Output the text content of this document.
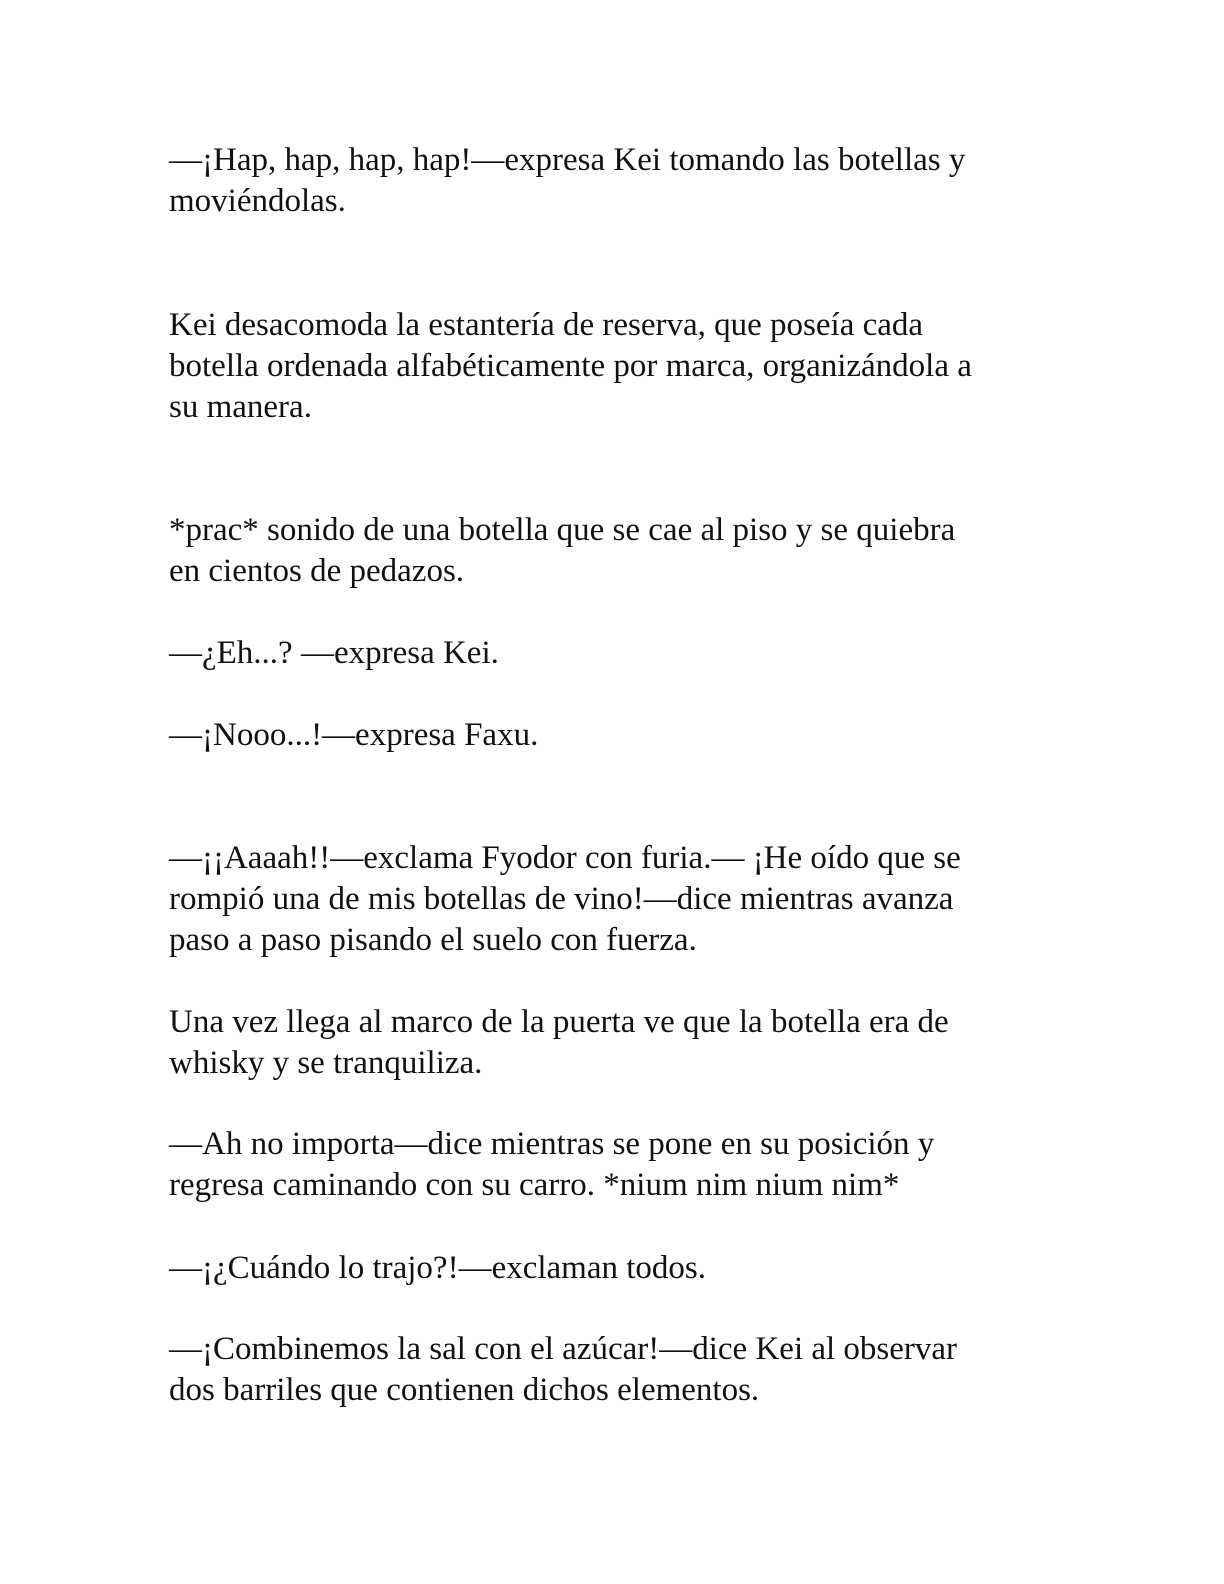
—¡Hap, hap, hap, hap!—expresa Kei tomando las botellas y
moviéndolas.

Kei desacomoda la estantería de reserva, que poseía cada
botella ordenada alfabéticamente por marca, organizándola a
su manera.

*prac* sonido de una botella que se cae al piso y se quiebra
en cientos de pedazos.

—¿Eh...? —expresa Kei.

—¡Nooo...!—expresa Faxu.

—¡¡Aaaah!!—exclama Fyodor con furia.— ¡He oído que se
rompió una de mis botellas de vino!—dice mientras avanza
paso a paso pisando el suelo con fuerza.

Una vez llega al marco de la puerta ve que la botella era de
whisky y se tranquiliza.

—Ah no importa—dice mientras se pone en su posición y
regresa caminando con su carro. *nium nim nium nim*

—¡¿Cuándo lo trajo?!—exclaman todos.

—¡Combinemos la sal con el azúcar!—dice Kei al observar
dos barriles que contienen dichos elementos.
